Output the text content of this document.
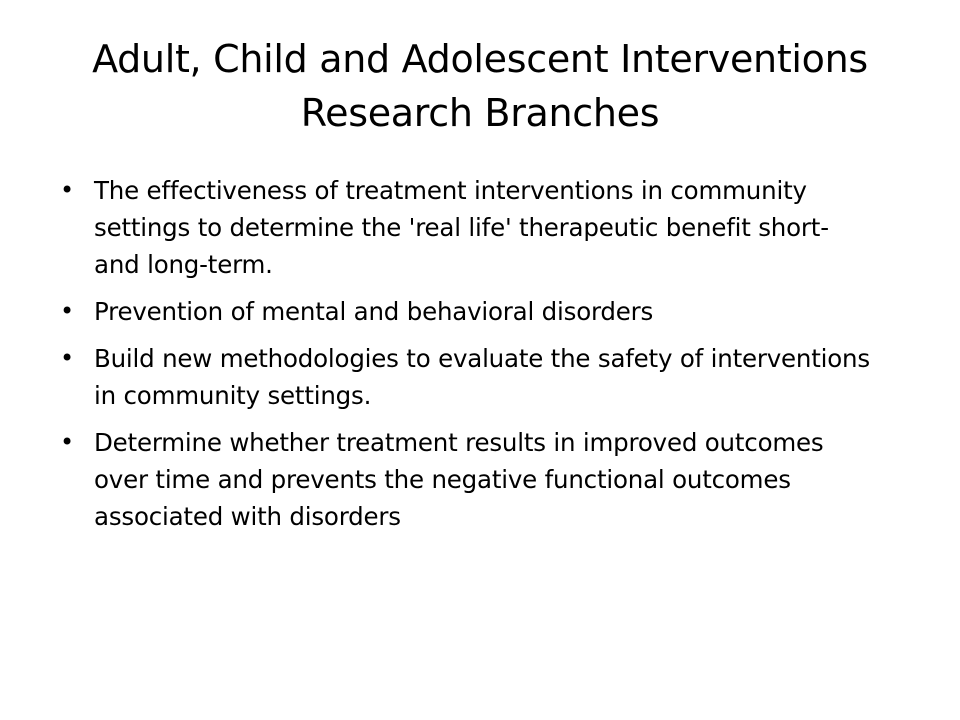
Adult, Child and Adolescent Interventions Research Branches
• The effectiveness of treatment interventions in community settings to determine the 'real life' therapeutic benefit short- and long-term.
• Prevention of mental and behavioral disorders
• Build new methodologies to evaluate the safety of interventions in community settings.
• Determine whether treatment results in improved outcomes over time and prevents the negative functional outcomes associated with disorders
